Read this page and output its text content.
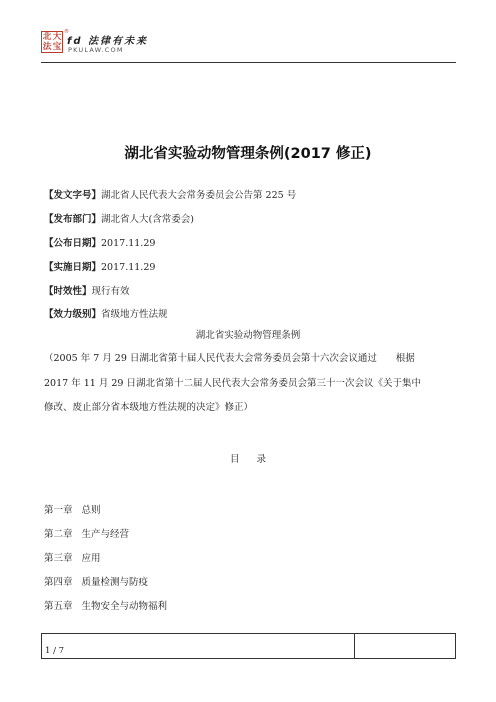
北 大
法 宝
®
fd 法律有未来
PKULAW.COM
湖北省实验动物管理条例(2017 修正)
【发文字号】湖北省人民代表大会常务委员会公告第 225 号
【发布部门】湖北省人大(含常委会)
【公布日期】2017.11.29
【实施日期】2017.11.29
【时效性】现行有效
【效力级别】省级地方性法规
湖北省实验动物管理条例
（2005 年 7 月 29 日湖北省第十届人民代表大会常务委员会第十六次会议通过　　根据
2017 年 11 月 29 日湖北省第十二届人民代表大会常务委员会第三十一次会议《关于集中
修改、废止部分省本级地方性法规的决定》修正）
目 录
第一章 总则
第二章 生产与经营
第三章 应用
第四章 质量检测与防疫
第五章 生物安全与动物福利
1 / 7
